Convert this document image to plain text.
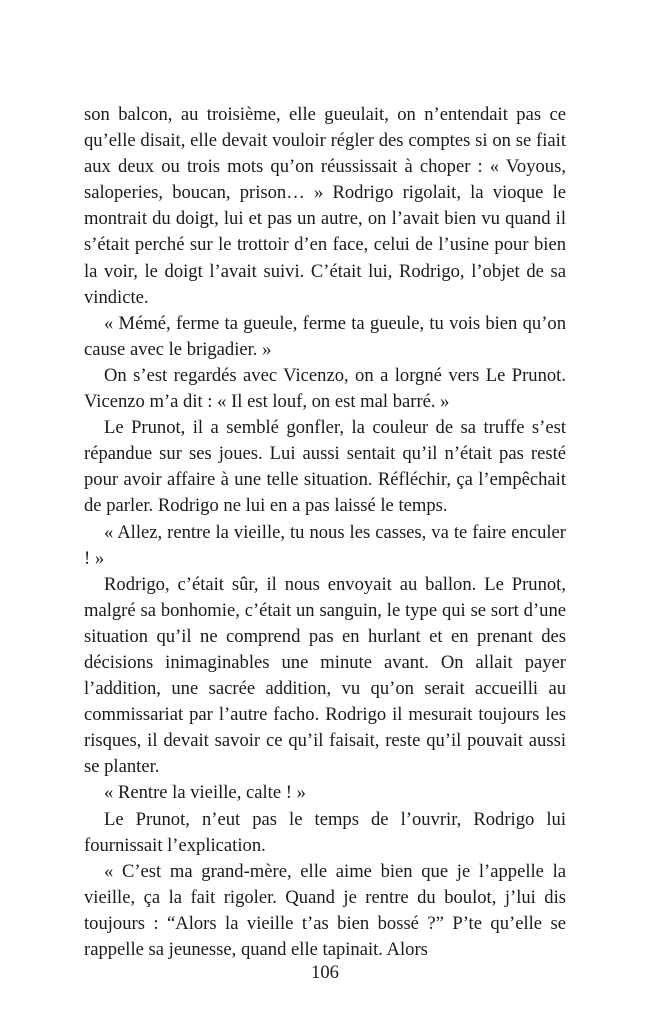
son balcon, au troisième, elle gueulait, on n’entendait pas ce qu’elle disait, elle devait vouloir régler des comptes si on se fiait aux deux ou trois mots qu’on réussissait à choper : « Voyous, saloperies, boucan, prison… » Rodrigo rigolait, la vioque le montrait du doigt, lui et pas un autre, on l’avait bien vu quand il s’était perché sur le trottoir d’en face, celui de l’usine pour bien la voir, le doigt l’avait suivi. C’était lui, Rodrigo, l’objet de sa vindicte.

« Mémé, ferme ta gueule, ferme ta gueule, tu vois bien qu’on cause avec le brigadier. »

On s’est regardés avec Vicenzo, on a lorgné vers Le Prunot. Vicenzo m’a dit : « Il est louf, on est mal barré. »

Le Prunot, il a semblé gonfler, la couleur de sa truffe s’est répandue sur ses joues. Lui aussi sentait qu’il n’était pas resté pour avoir affaire à une telle situation. Réfléchir, ça l’empêchait de parler. Rodrigo ne lui en a pas laissé le temps.

« Allez, rentre la vieille, tu nous les casses, va te faire enculer ! »

Rodrigo, c’était sûr, il nous envoyait au ballon. Le Prunot, malgré sa bonhomie, c’était un sanguin, le type qui se sort d’une situation qu’il ne comprend pas en hurlant et en prenant des décisions inimaginables une minute avant. On allait payer l’addition, une sacrée addition, vu qu’on serait accueilli au commissariat par l’autre facho. Rodrigo il mesurait toujours les risques, il devait savoir ce qu’il faisait, reste qu’il pouvait aussi se planter.

« Rentre la vieille, calte ! »

Le Prunot, n’eut pas le temps de l’ouvrir, Rodrigo lui fournissait l’explication.

« C’est ma grand-mère, elle aime bien que je l’appelle la vieille, ça la fait rigoler. Quand je rentre du boulot, j’lui dis toujours : “Alors la vieille t’as bien bossé ?” P’te qu’elle se rappelle sa jeunesse, quand elle tapinait. Alors

106
